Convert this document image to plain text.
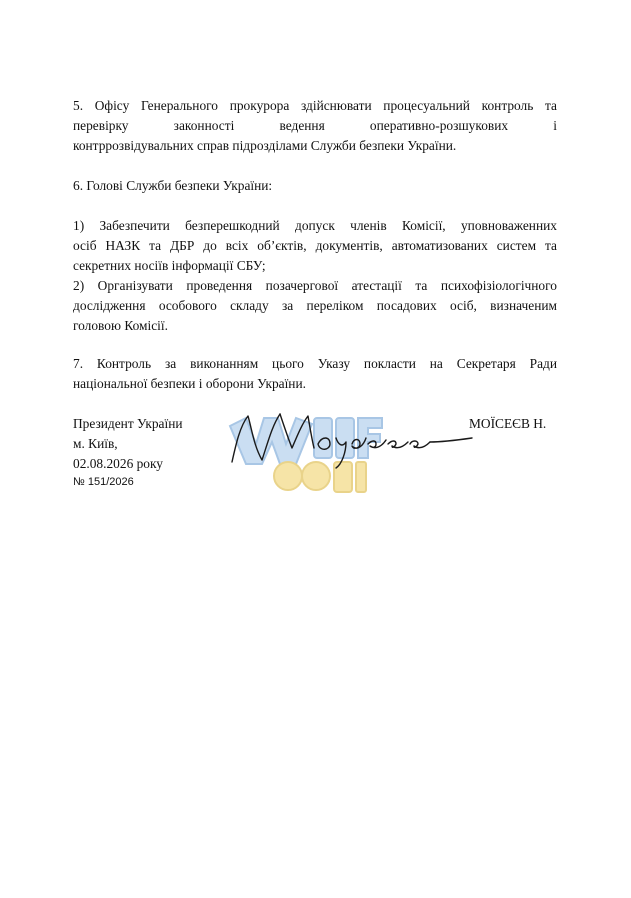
5. Офісу Генерального прокурора здійснювати процесуальний контроль та
перевірку законності ведення оперативно-розшукових і
контррозвідувальних справ підрозділами Служби безпеки України.

6. Голові Служби безпеки України:

1) Забезпечити безперешкодний допуск членів Комісії, уповноваженних
осіб НАЗК та ДБР до всіх об’єктів, документів, автоматизованих систем та
секретних носіїв інформації СБУ;

2) Організувати проведення позачергової атестації та психофізіологічного
дослідження особового складу за переліком посадових осіб, визначеним
головою Комісії.

7. Контроль за виконанням цього Указу покласти на Секретаря Ради
національної безпеки і оборони України.

Президент України	МОЇСЕЄВ Н.
м. Київ,
02.08.2026 року
№ 151/2026
